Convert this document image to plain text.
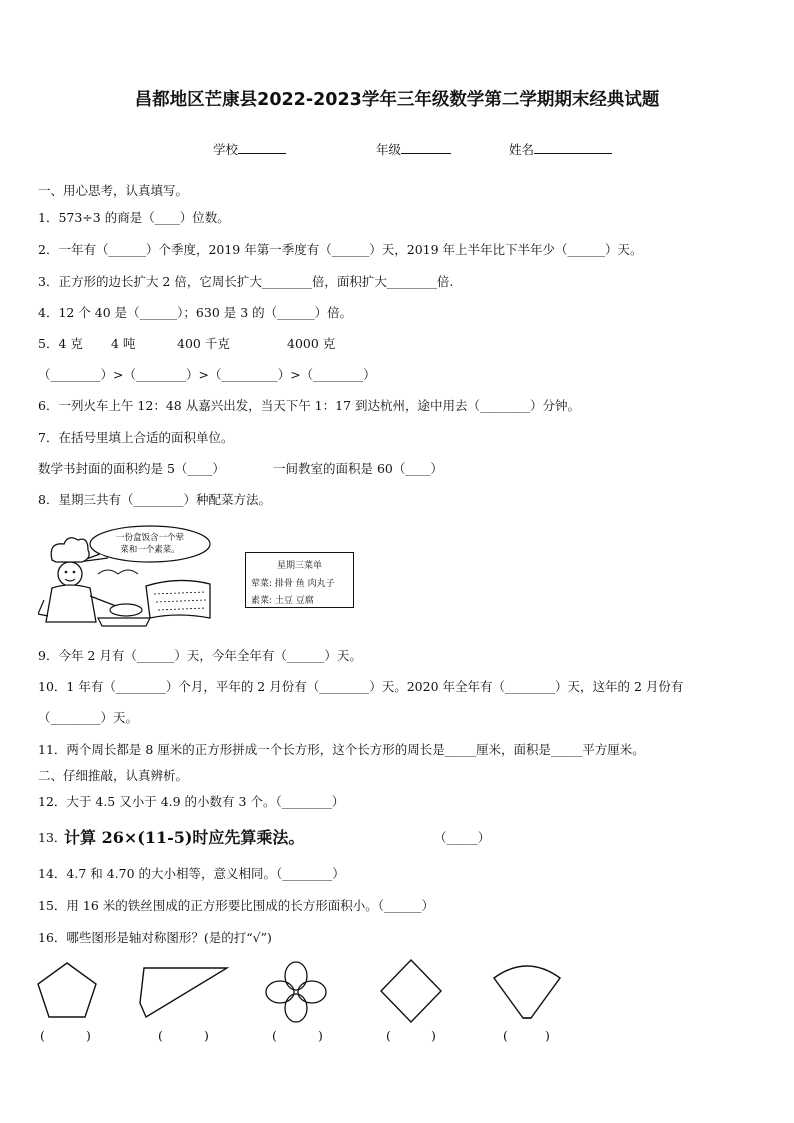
昌都地区芒康县2022-2023学年三年级数学第二学期期末经典试题
学校	年级	姓名
一、用心思考，认真填写。
1．573÷3 的商是（____）位数。
2．一年有（______）个季度，2019 年第一季度有（______）天，2019 年上半年比下半年少（______）天。
3．正方形的边长扩大 2 倍，它周长扩大________倍，面积扩大________倍.
4．12 个 40 是（______）；630 是 3 的（______）倍。
5．4 克 4 吨	400 千克	4000 克
（________）>（________）>（_________）>（________）
6．一列火车上午 12：48 从嘉兴出发，当天下午 1：17 到达杭州，途中用去（________）分钟。
7．在括号里填上合适的面积单位。
数学书封面的面积约是 5（____）	一间教室的面积是 60（____）
8．星期三共有（________）种配菜方法。
一份盒饭含一个荤
菜和一个素菜。
星期三菜单
荤菜: 排骨 鱼 肉丸子
素菜: 土豆 豆腐
9．今年 2 月有（______）天，今年全年有（______）天。
10．1 年有（________）个月，平年的 2 月份有（________）天。2020 年全年有（________）天，这年的 2 月份有
（________）天。
11．两个周长都是 8 厘米的正方形拼成一个长方形，这个长方形的周长是_____厘米，面积是_____平方厘米。
二、仔细推敲，认真辨析。
12．大于 4.5 又小于 4.9 的小数有 3 个。（________）
13．
计算 26×(11-5)时应先算乘法。	（_____）
14．4.7 和 4.70 的大小相等，意义相同。（________）
15．用 16 米的铁丝围成的正方形要比围成的长方形面积小。（______）
16．哪些图形是轴对称图形？(是的打“√”)
(	)	(	)	(	)	(	)	(	)
